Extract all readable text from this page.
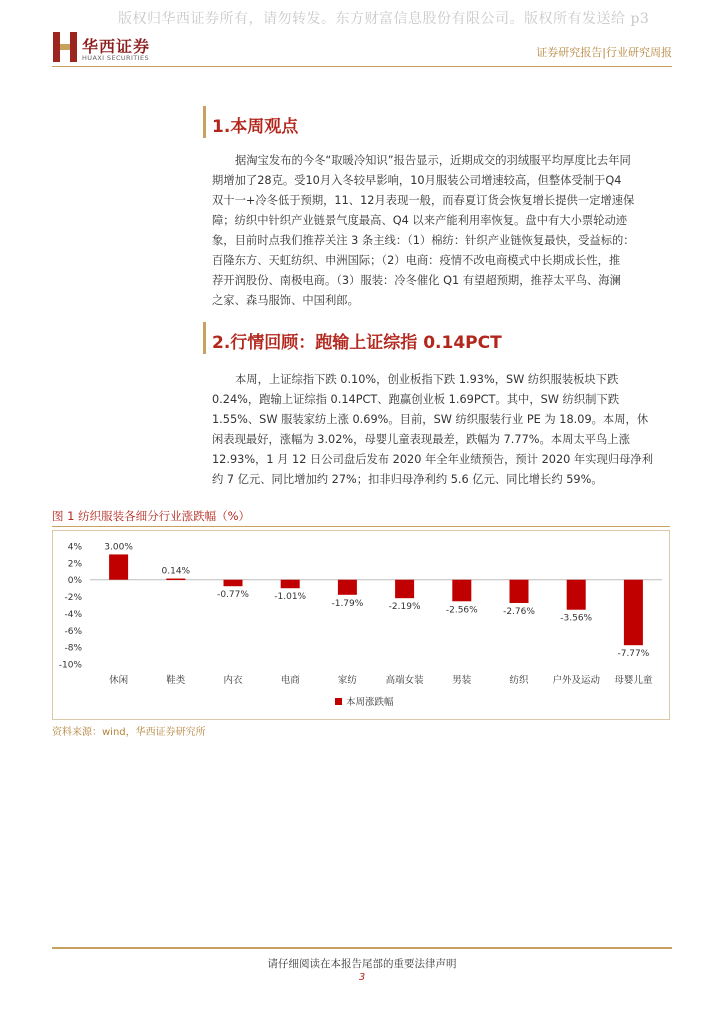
版权归华西证券所有，请勿转发。东方财富信息股份有限公司。版权所有发送给 p3
华西证券
HUAXI SECURITIES	证券研究报告|行业研究周报
1.本周观点

据淘宝发布的今冬“取暖冷知识”报告显示，近期成交的羽绒服平均厚度比去年同
期增加了28克。受10月入冬较早影响，10月服装公司增速较高，但整体受制于Q4
双十一+冷冬低于预期，11、12月表现一般，而春夏订货会恢复增长提供一定增速保
障；纺织中针织产业链景气度最高、Q4 以来产能利用率恢复。盘中有大小票轮动迹
象，目前时点我们推荐关注 3 条主线：（1）棉纺：针织产业链恢复最快，受益标的：
百隆东方、天虹纺织、申洲国际；（2）电商：疫情不改电商模式中长期成长性，推
荐开润股份、南极电商。（3）服装：冷冬催化 Q1 有望超预期，推荐太平鸟、海澜
之家、森马服饰、中国利郎。

2.行情回顾：跑输上证综指 0.14PCT

本周，上证综指下跌 0.10%，创业板指下跌 1.93%，SW 纺织服装板块下跌
0.24%，跑输上证综指 0.14PCT、跑赢创业板 1.69PCT。其中，SW 纺织制下跌
1.55%、SW 服装家纺上涨 0.69%。目前，SW 纺织服装行业 PE 为 18.09。本周，休
闲表现最好，涨幅为 3.02%，母婴儿童表现最差，跌幅为 7.77%。本周太平鸟上涨
12.93%，1 月 12 日公司盘后发布 2020 年全年业绩预告，预计 2020 年实现归母净利
约 7 亿元、同比增加约 27%；扣非归母净利约 5.6 亿元、同比增长约 59%。

图 1 纺织服装各细分行业涨跌幅（%）
4%
2%
0%
-2%
-4%
-6%
-8%
-10%
3.00%
休闲
0.14%
鞋类
-0.77%
内衣
-1.01%
电商
-1.79%
家纺
-2.19%
高端女装
-2.56%
男装
-2.76%
纺织
-3.56%
户外及运动
-7.77%
母婴儿童
本周涨跌幅
资料来源：wind，华西证券研究所
请仔细阅读在本报告尾部的重要法律声明
3
